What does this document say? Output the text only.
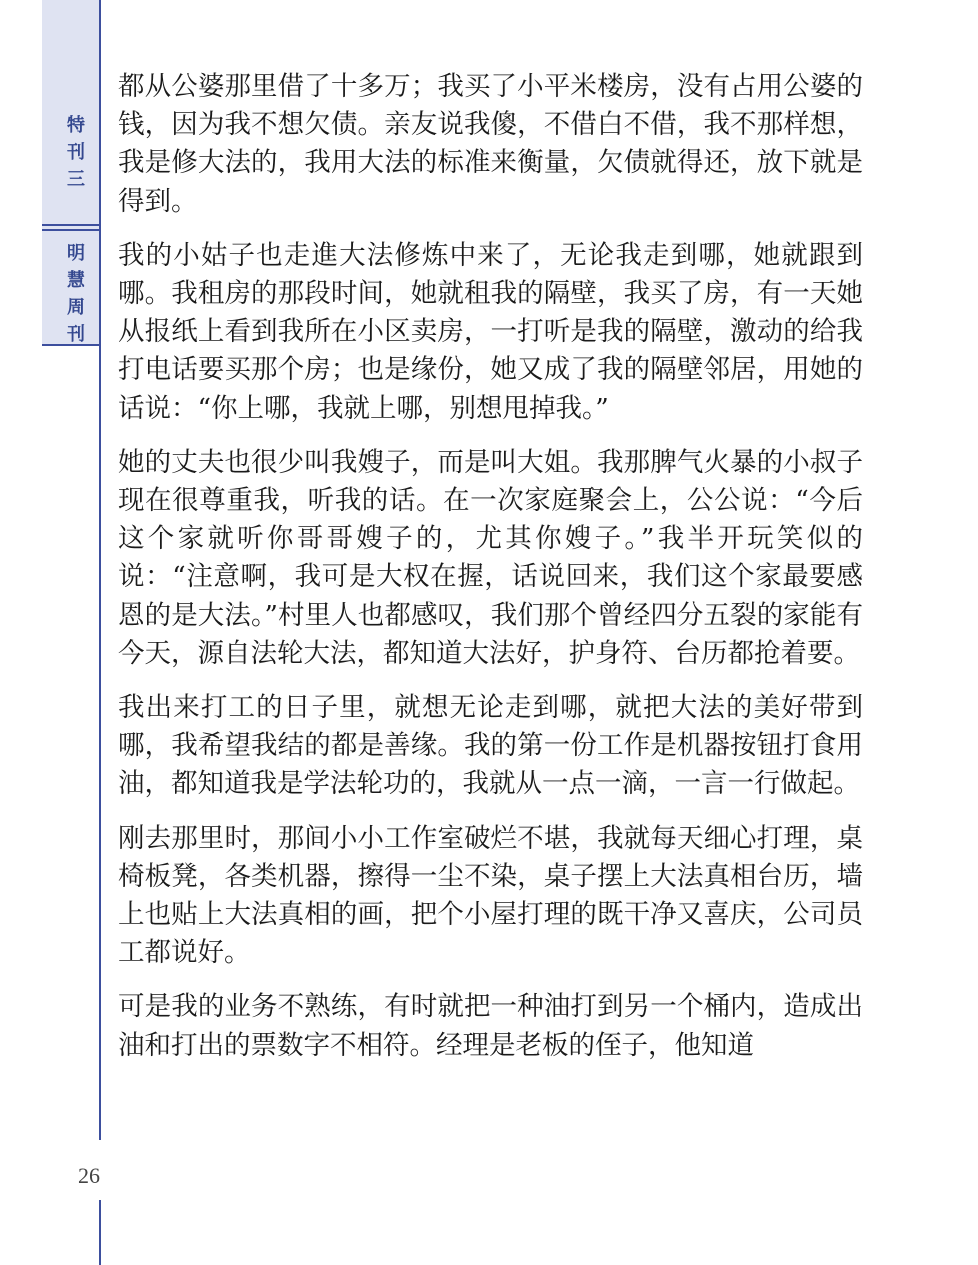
特
刊
三
明
慧
周
刊
26

都从公婆那里借了十多万；我买了小平米楼房，没有占用公婆的钱，因为我不想欠债。亲友说我傻，不借白不借，我不那样想，我是修大法的，我用大法的标准来衡量，欠债就得还，放下就是得到。

我的小姑子也走進大法修炼中来了，无论我走到哪，她就跟到哪。我租房的那段时间，她就租我的隔壁，我买了房，有一天她从报纸上看到我所在小区卖房，一打听是我的隔壁，激动的给我打电话要买那个房；也是缘份，她又成了我的隔壁邻居，用她的话说：“你上哪，我就上哪，别想甩掉我。”

她的丈夫也很少叫我嫂子，而是叫大姐。我那脾气火暴的小叔子现在很尊重我，听我的话。在一次家庭聚会上，公公说：“今后这个家就听你哥哥嫂子的，尤其你嫂子。”我半开玩笑似的说：“注意啊，我可是大权在握，话说回来，我们这个家最要感恩的是大法。”村里人也都感叹，我们那个曾经四分五裂的家能有今天，源自法轮大法，都知道大法好，护身符、台历都抢着要。

我出来打工的日子里，就想无论走到哪，就把大法的美好带到哪，我希望我结的都是善缘。我的第一份工作是机器按钮打食用油，都知道我是学法轮功的，我就从一点一滴，一言一行做起。

刚去那里时，那间小小工作室破烂不堪，我就每天细心打理，桌椅板凳，各类机器，擦得一尘不染，桌子摆上大法真相台历，墙上也贴上大法真相的画，把个小屋打理的既干净又喜庆，公司员工都说好。

可是我的业务不熟练，有时就把一种油打到另一个桶内，造成出油和打出的票数字不相符。经理是老板的侄子，他知道
